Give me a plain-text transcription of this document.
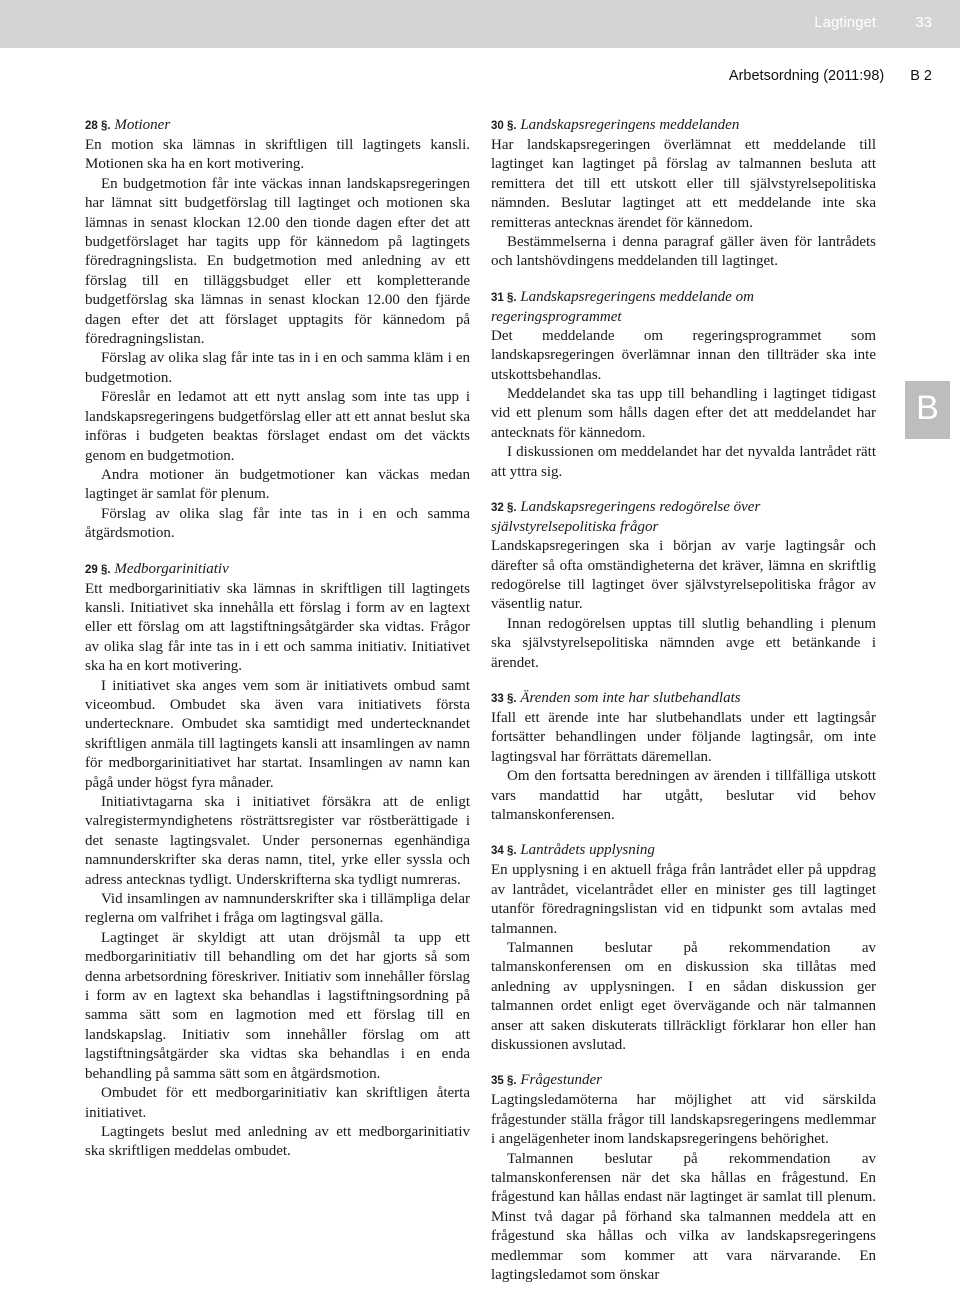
Lagtinget	33
Arbetsordning (2011:98) B 2
B

28 §. Motioner

En motion ska lämnas in skriftligen till lagtingets kansli. Motionen ska ha en kort motivering.

En budgetmotion får inte väckas innan landskapsregeringen har lämnat sitt budgetförslag till lagtinget och motionen ska lämnas in senast klockan 12.00 den tionde dagen efter det att budgetförslaget har tagits upp för kännedom på lagtingets föredragningslista. En budgetmotion med anledning av ett förslag till en tilläggsbudget eller ett kompletterande budgetförslag ska lämnas in senast klockan 12.00 den fjärde dagen efter det att förslaget upptagits för kännedom på föredragningslistan.

Förslag av olika slag får inte tas in i en och samma kläm i en budgetmotion.

Föreslår en ledamot att ett nytt anslag som inte tas upp i landskapsregeringens budgetförslag eller att ett annat beslut ska införas i budgeten beaktas förslaget endast om det väckts genom en budgetmotion.

Andra motioner än budgetmotioner kan väckas medan lagtinget är samlat för plenum.

Förslag av olika slag får inte tas in i en och samma åtgärdsmotion.

29 §. Medborgarinitiativ

Ett medborgarinitiativ ska lämnas in skriftligen till lagtingets kansli. Initiativet ska innehålla ett förslag i form av en lagtext eller ett förslag om att lagstiftningsåtgärder ska vidtas. Frågor av olika slag får inte tas in i ett och samma initiativ. Initiativet ska ha en kort motivering.

I initiativet ska anges vem som är initiativets ombud samt viceombud. Ombudet ska även vara initiativets första undertecknare. Ombudet ska samtidigt med undertecknandet skriftligen anmäla till lagtingets kansli att insamlingen av namn för medborgarinitiativet har startat. Insamlingen av namn kan pågå under högst fyra månader.

Initiativtagarna ska i initiativet försäkra att de enligt valregistermyndighetens rösträttsregister var röstberättigade i det senaste lagtingsvalet. Under personernas egenhändiga namnunderskrifter ska deras namn, titel, yrke eller syssla och adress antecknas tydligt. Underskrifterna ska tydligt numreras.

Vid insamlingen av namnunderskrifter ska i tillämpliga delar reglerna om valfrihet i fråga om lagtingsval gälla.

Lagtinget är skyldigt att utan dröjsmål ta upp ett medborgarinitiativ till behandling om det har gjorts så som denna arbetsordning föreskriver. Initiativ som innehåller förslag i form av en lagtext ska behandlas i lagstiftningsordning på samma sätt som en lagmotion med ett förslag till en landskapslag. Initiativ som innehåller förslag om att lagstiftningsåtgärder ska vidtas ska behandlas i en enda behandling på samma sätt som en åtgärdsmotion.

Ombudet för ett medborgarinitiativ kan skriftligen återta initiativet.

Lagtingets beslut med anledning av ett medborgarinitiativ ska skriftligen meddelas ombudet.

30 §. Landskapsregeringens meddelanden

Har landskapsregeringen överlämnat ett meddelande till lagtinget kan lagtinget på förslag av talmannen besluta att remittera det till ett utskott eller till självstyrelsepolitiska nämnden. Beslutar lagtinget att ett meddelande inte ska remitteras antecknas ärendet för kännedom.

Bestämmelserna i denna paragraf gäller även för lantrådets och lantshövdingens meddelanden till lagtinget.

31 §. Landskapsregeringens meddelande om regeringsprogrammet

Det meddelande om regeringsprogrammet som landskapsregeringen överlämnar innan den tillträder ska inte utskottsbehandlas.

Meddelandet ska tas upp till behandling i lagtinget tidigast vid ett plenum som hålls dagen efter det att meddelandet har antecknats för kännedom.

I diskussionen om meddelandet har det nyvalda lantrådet rätt att yttra sig.

32 §. Landskapsregeringens redogörelse över självstyrelsepolitiska frågor

Landskapsregeringen ska i början av varje lagtingsår och därefter så ofta omständigheterna det kräver, lämna en skriftlig redogörelse till lagtinget över självstyrelsepolitiska frågor av väsentlig natur.

Innan redogörelsen upptas till slutlig behandling i plenum ska självstyrelsepolitiska nämnden avge ett betänkande i ärendet.

33 §. Ärenden som inte har slutbehandlats

Ifall ett ärende inte har slutbehandlats under ett lagtingsår fortsätter behandlingen under följande lagtingsår, om inte lagtingsval har förrättats däremellan.

Om den fortsatta beredningen av ärenden i tillfälliga utskott vars mandattid har utgått, beslutar vid behov talmanskonferensen.

34 §. Lantrådets upplysning

En upplysning i en aktuell fråga från lantrådet eller på uppdrag av lantrådet, vicelantrådet eller en minister ges till lagtinget utanför föredragningslistan vid en tidpunkt som avtalas med talmannen.

Talmannen beslutar på rekommendation av talmanskonferensen om en diskussion ska tillåtas med anledning av upplysningen. I en sådan diskussion ger talmannen ordet enligt eget övervägande och när talmannen anser att saken diskuterats tillräckligt förklarar hon eller han diskussionen avslutad.

35 §. Frågestunder

Lagtingsledamöterna har möjlighet att vid särskilda frågestunder ställa frågor till landskapsregeringens medlemmar i angelägenheter inom landskapsregeringens behörighet.

Talmannen beslutar på rekommendation av talmanskonferensen när det ska hållas en frågestund. En frågestund kan hållas endast när lagtinget är samlat till plenum. Minst två dagar på förhand ska talmannen meddela att en frågestund ska hållas och vilka av landskapsregeringens medlemmar som kommer att vara närvarande. En lagtingsledamot som önskar
